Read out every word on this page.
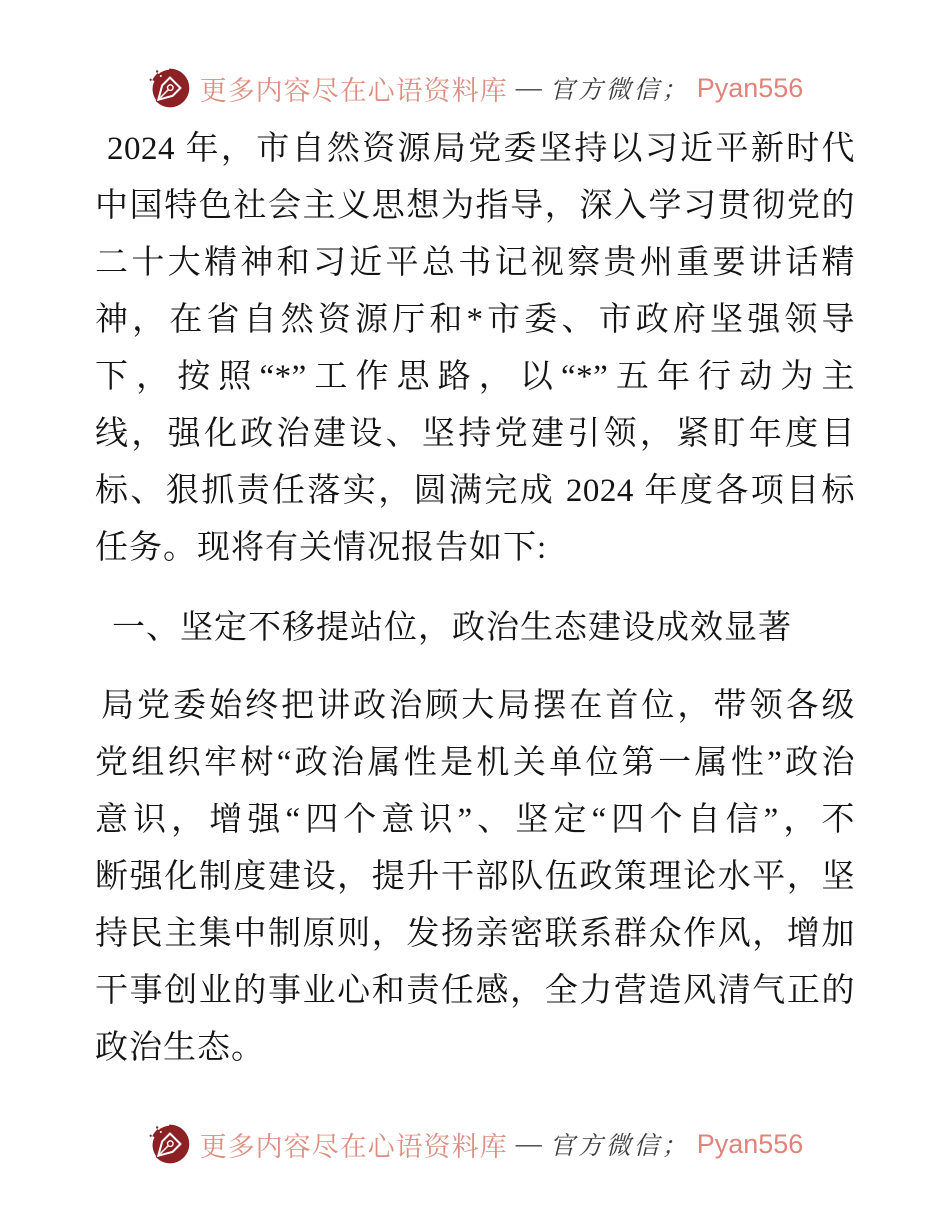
更多内容尽在心语资料库 — 官方微信； Pyan556
2024 年，市自然资源局党委坚持以习近平新时代
中国特色社会主义思想为指导，深入学习贯彻党的
二十大精神和习近平总书记视察贵州重要讲话精
神，在省自然资源厅和*市委、市政府坚强领导
下，按照“*”工作思路，以“*”五年行动为主
线，强化政治建设、坚持党建引领，紧盯年度目
标、狠抓责任落实，圆满完成 2024 年度各项目标
任务。现将有关情况报告如下:
一、坚定不移提站位，政治生态建设成效显著
局党委始终把讲政治顾大局摆在首位，带领各级
党组织牢树“政治属性是机关单位第一属性”政治
意识，增强“四个意识”、坚定“四个自信”，不
断强化制度建设，提升干部队伍政策理论水平，坚
持民主集中制原则，发扬亲密联系群众作风，增加
干事创业的事业心和责任感，全力营造风清气正的
政治生态。
更多内容尽在心语资料库 — 官方微信； Pyan556
